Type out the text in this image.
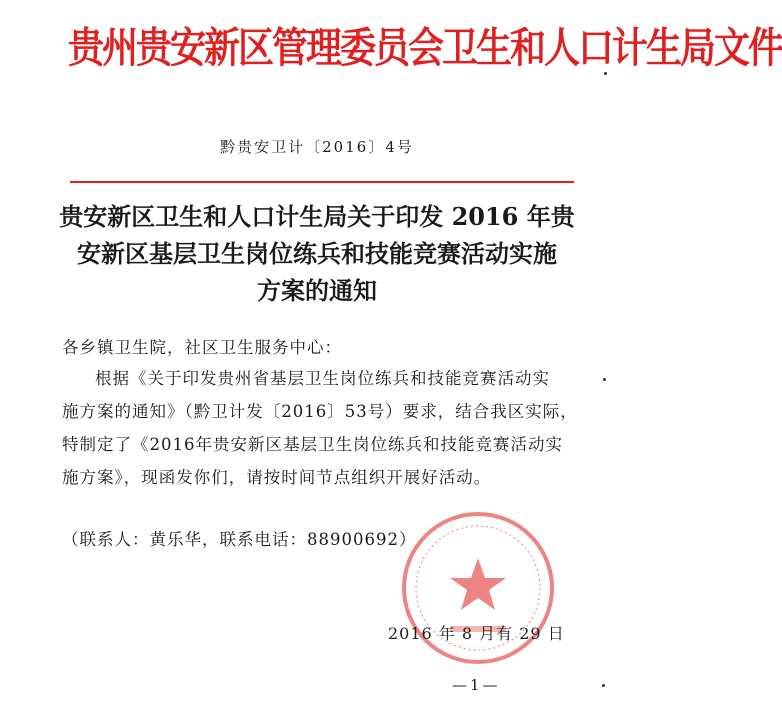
贵州贵安新区管理委员会卫生和人口计生局文件
黔贵安卫计〔2016〕4号
贵安新区卫生和人口计生局关于印发 2016 年贵
安新区基层卫生岗位练兵和技能竞赛活动实施
方案的通知
各乡镇卫生院，社区卫生服务中心：
根据《关于印发贵州省基层卫生岗位练兵和技能竞赛活动实
施方案的通知》（黔卫计发〔2016〕53号）要求，结合我区实际，
特制定了《2016年贵安新区基层卫生岗位练兵和技能竞赛活动实
施方案》，现函发你们，请按时间节点组织开展好活动。
（联系人：黄乐华，联系电话：88900692）
2016 年 8 月有 29 日
—1—
